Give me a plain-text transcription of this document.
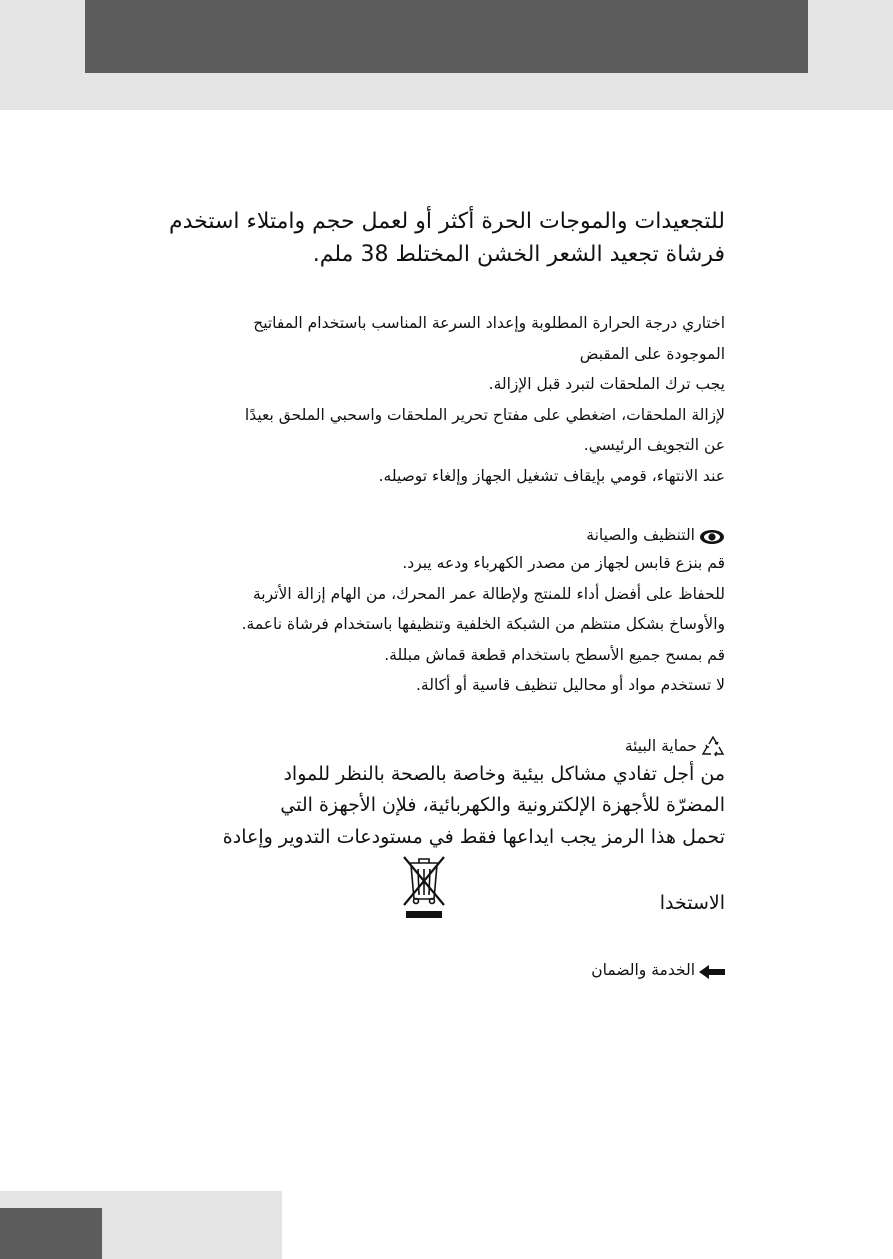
للتجعيدات والموجات الحرة أكثر أو لعمل حجم وامتلاء استخدم
فرشاة تجعيد الشعر الخشن المختلط 38 ملم.
اختاري درجة الحرارة المطلوبة وإعداد السرعة المناسب باستخدام المفاتيح
الموجودة على المقبض
يجب ترك الملحقات لتبرد قبل الإزالة.
لإزالة الملحقات، اضغطي على مفتاح تحرير الملحقات واسحبي الملحق بعيدًا
عن التجويف الرئيسي.
عند الانتهاء، قومي بإيقاف تشغيل الجهاز وإلغاء توصيله.
التنظيف والصيانة
قم بنزع قابس لجهاز من مصدر الكهرباء ودعه يبرد.
للحفاظ على أفضل أداء للمنتج ولإطالة عمر المحرك، من الهام إزالة الأتربة
والأوساخ بشكل منتظم من الشبكة الخلفية وتنظيفها باستخدام فرشاة ناعمة.
قم بمسح جميع الأسطح باستخدام قطعة قماش مبللة.
لا تستخدم مواد أو محاليل تنظيف قاسية أو أكالة.
حماية البيئة
من أجل تفادي مشاكل بيئية وخاصة بالصحة بالنظر للمواد
المضرّة للأجهزة الإلكترونية والكهربائية، فلإن الأجهزة التي
تحمل هذا الرمز يجب ايداعها فقط في مستودعات التدوير وإعادة
الاستخدا
الخدمة والضمان
